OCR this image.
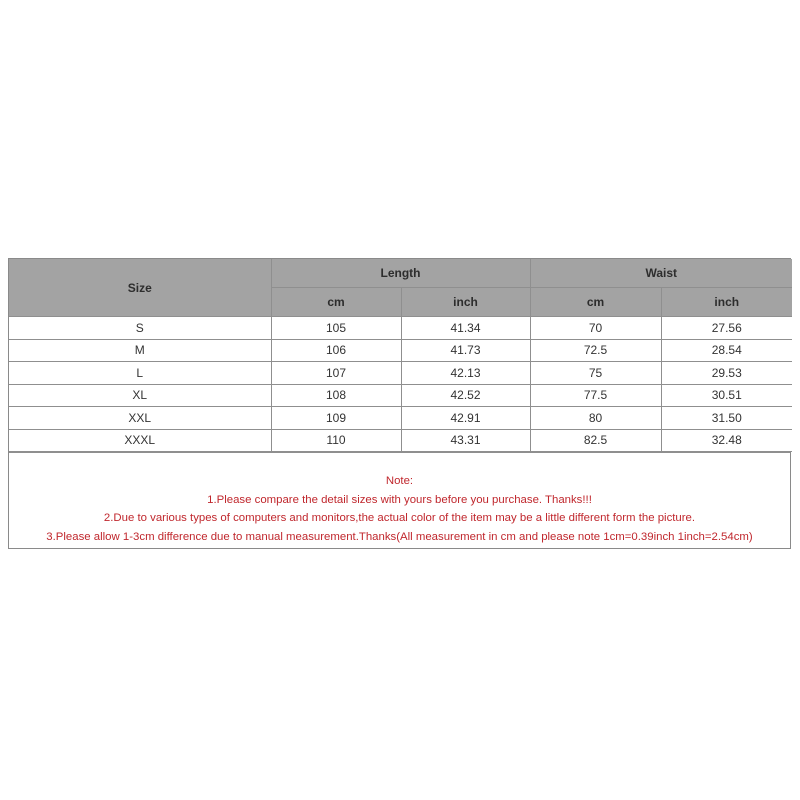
Size	Length		Waist	
	cm	inch	cm	inch
S	105	41.34	70	27.56
M	106	41.73	72.5	28.54
L	107	42.13	75	29.53
XL	108	42.52	77.5	30.51
XXL	109	42.91	80	31.50
XXXL	110	43.31	82.5	32.48
Note:
1.Please compare the detail sizes with yours before you purchase. Thanks!!!
2.Due to various types of computers and monitors,the actual color of the item may be a little different form the picture.
3.Please allow 1-3cm difference due to manual measurement.Thanks(All measurement in cm and please note 1cm=0.39inch 1inch=2.54cm)
